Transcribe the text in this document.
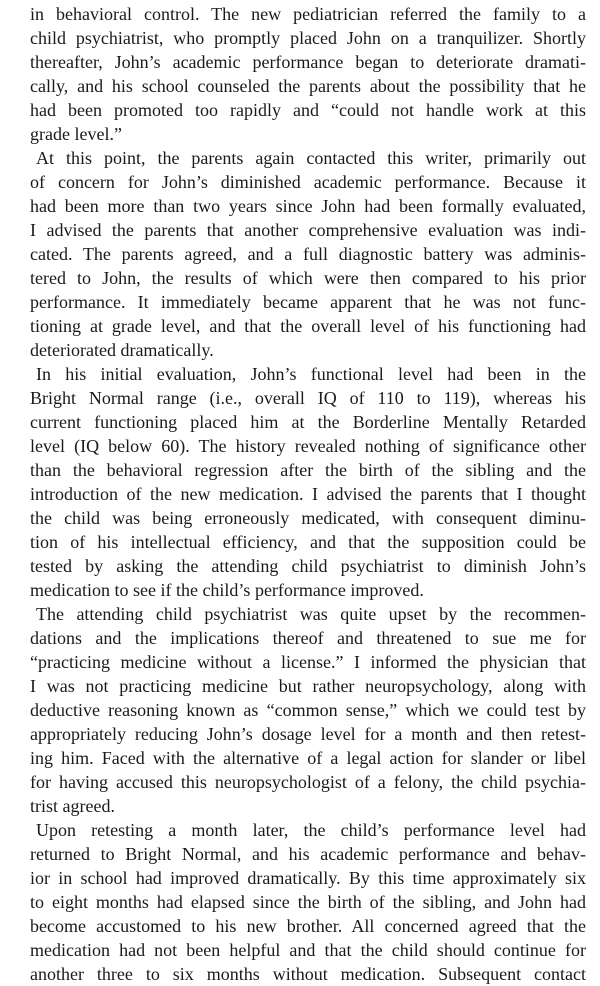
in behavioral control. The new pediatrician referred the family to a
child psychiatrist, who promptly placed John on a tranquilizer. Shortly
thereafter, John’s academic performance began to deteriorate dramati-
cally, and his school counseled the parents about the possibility that he
had been promoted too rapidly and “could not handle work at this
grade level.”
At this point, the parents again contacted this writer, primarily out
of concern for John’s diminished academic performance. Because it
had been more than two years since John had been formally evaluated,
I advised the parents that another comprehensive evaluation was indi-
cated. The parents agreed, and a full diagnostic battery was adminis-
tered to John, the results of which were then compared to his prior
performance. It immediately became apparent that he was not func-
tioning at grade level, and that the overall level of his functioning had
deteriorated dramatically.
In his initial evaluation, John’s functional level had been in the
Bright Normal range (i.e., overall IQ of 110 to 119), whereas his
current functioning placed him at the Borderline Mentally Retarded
level (IQ below 60). The history revealed nothing of significance other
than the behavioral regression after the birth of the sibling and the
introduction of the new medication. I advised the parents that I thought
the child was being erroneously medicated, with consequent diminu-
tion of his intellectual efficiency, and that the supposition could be
tested by asking the attending child psychiatrist to diminish John’s
medication to see if the child’s performance improved.
The attending child psychiatrist was quite upset by the recommen-
dations and the implications thereof and threatened to sue me for
“practicing medicine without a license.” I informed the physician that
I was not practicing medicine but rather neuropsychology, along with
deductive reasoning known as “common sense,” which we could test by
appropriately reducing John’s dosage level for a month and then retest-
ing him. Faced with the alternative of a legal action for slander or libel
for having accused this neuropsychologist of a felony, the child psychia-
trist agreed.
Upon retesting a month later, the child’s performance level had
returned to Bright Normal, and his academic performance and behav-
ior in school had improved dramatically. By this time approximately six
to eight months had elapsed since the birth of the sibling, and John had
become accustomed to his new brother. All concerned agreed that the
medication had not been helpful and that the child should continue for
another three to six months without medication. Subsequent contact
